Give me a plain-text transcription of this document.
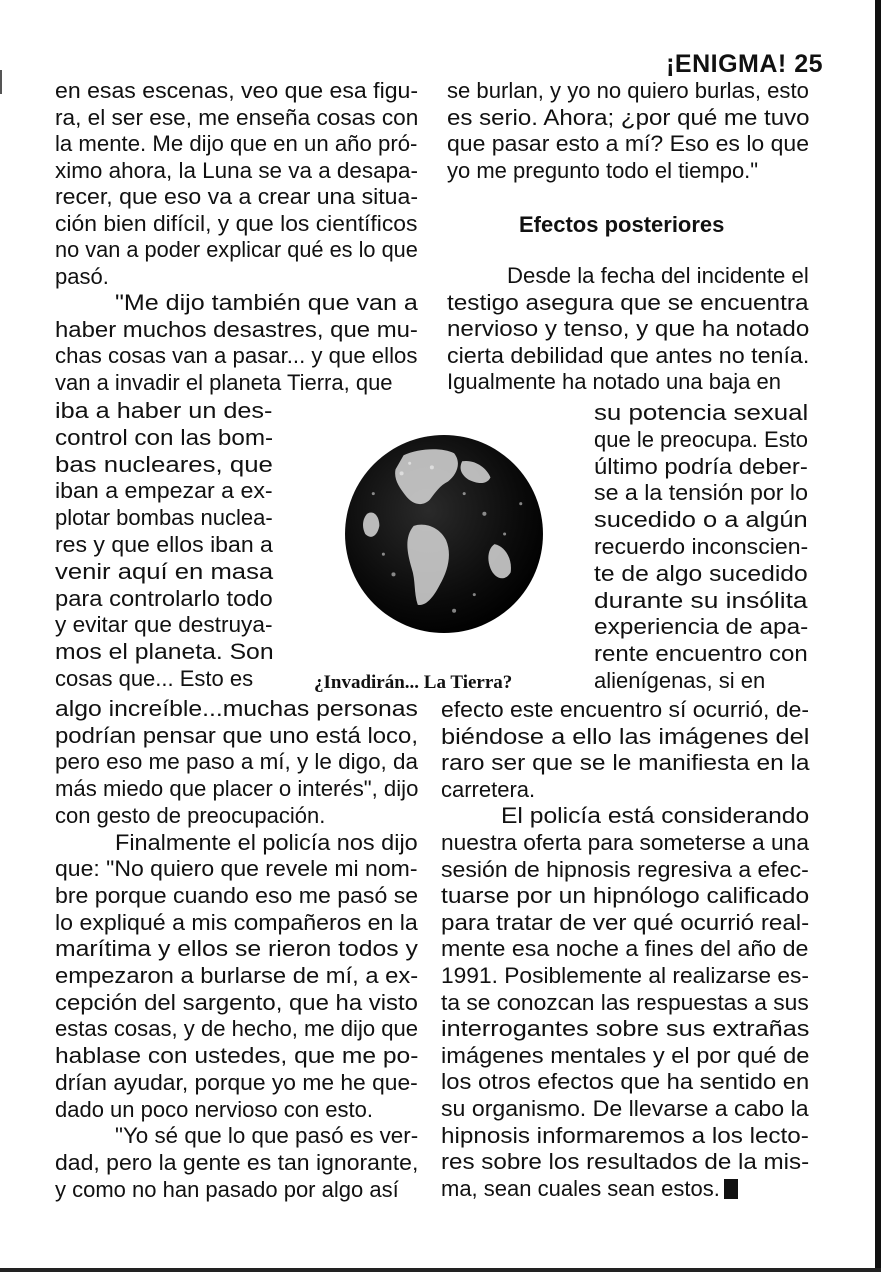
¡ENIGMA! 25
en esas escenas, veo que esa figu-
ra, el ser ese, me enseña cosas con
la mente. Me dijo que en un año pró-
ximo ahora, la Luna se va a desapa-
recer, que eso va a crear una situa-
ción bien difícil, y que los científicos
no van a poder explicar qué es lo que
pasó.
"Me dijo también que van a
haber muchos desastres, que mu-
chas cosas van a pasar... y que ellos
van a invadir el planeta Tierra, que
iba a haber un des-
control con las bom-
bas nucleares, que
iban a empezar a ex-
plotar bombas nuclea-
res y que ellos iban a
venir aquí en masa
para controlarlo todo
y evitar que destruya-
mos el planeta. Son
cosas que... Esto es
algo increíble...muchas personas
podrían pensar que uno está loco,
pero eso me paso a mí, y le digo, da
más miedo que placer o interés", dijo
con gesto de preocupación.
Finalmente el policía nos dijo
que: "No quiero que revele mi nom-
bre porque cuando eso me pasó se
lo expliqué a mis compañeros en la
marítima y ellos se rieron todos y
empezaron a burlarse de mí, a ex-
cepción del sargento, que ha visto
estas cosas, y de hecho, me dijo que
hablase con ustedes, que me po-
drían ayudar, porque yo me he que-
dado un poco nervioso con esto.
"Yo sé que lo que pasó es ver-
dad, pero la gente es tan ignorante,
y como no han pasado por algo así
se burlan, y yo no quiero burlas, esto
es serio. Ahora; ¿por qué me tuvo
que pasar esto a mí? Eso es lo que
yo me pregunto todo el tiempo."
Desde la fecha del incidente el
testigo asegura que se encuentra
nervioso y tenso, y que ha notado
cierta debilidad que antes no tenía.
Igualmente ha notado una baja en
su potencia sexual
que le preocupa. Esto
último podría deber-
se a la tensión por lo
sucedido o a algún
recuerdo inconscien-
te de algo sucedido
durante su insólita
experiencia de apa-
rente encuentro con
alienígenas, si en
efecto este encuentro sí ocurrió, de-
biéndose a ello las imágenes del
raro ser que se le manifiesta en la
carretera.
El policía está considerando
nuestra oferta para someterse a una
sesión de hipnosis regresiva a efec-
tuarse por un hipnólogo calificado
para tratar de ver qué ocurrió real-
mente esa noche a fines del año de
1991. Posiblemente al realizarse es-
ta se conozcan las respuestas a sus
interrogantes sobre sus extrañas
imágenes mentales y el por qué de
los otros efectos que ha sentido en
su organismo. De llevarse a cabo la
hipnosis informaremos a los lecto-
res sobre los resultados de la mis-
ma, sean cuales sean estos.
Efectos posteriores
¿Invadirán... La Tierra?
